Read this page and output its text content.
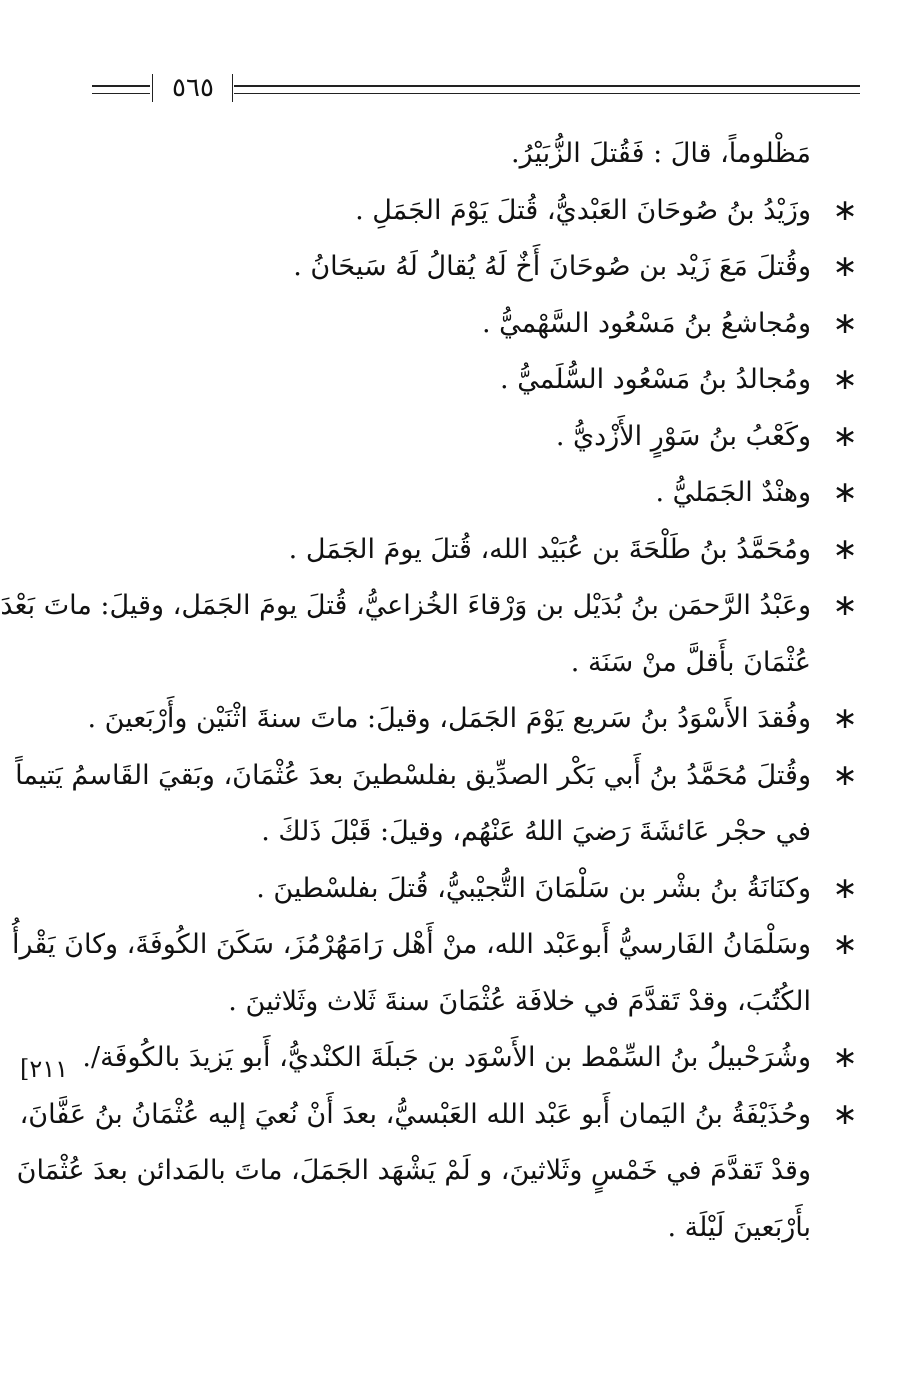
٥٦٥
مَظْلوماً، قالَ : فَقُتلَ الزُّبَيْرُ.
∗
وزَيْدُ بنُ صُوحَانَ العَبْديُّ، قُتلَ يَوْمَ الجَمَلِ .
∗
وقُتلَ مَعَ زَيْد بن صُوحَانَ أَخٌ لَهُ يُقالُ لَهُ سَيحَانُ .
∗
ومُجاشعُ بنُ مَسْعُود السَّهْميُّ .
∗
ومُجالدُ بنُ مَسْعُود السُّلَميُّ .
∗
وكَعْبُ بنُ سَوْرٍ الأَزْديُّ .
∗
وهنْدٌ الجَمَليُّ .
∗
ومُحَمَّدُ بنُ طَلْحَةَ بن عُبَيْد الله، قُتلَ يومَ الجَمَل .
∗
وعَبْدُ الرَّحمَن بنُ بُدَيْل بن وَرْقاءَ الخُزاعيُّ، قُتلَ يومَ الجَمَل، وقيلَ: ماتَ بَعْدَ
عُثْمَانَ بأَقلَّ منْ سَنَة .
∗
وفُقدَ الأَسْوَدُ بنُ سَريع يَوْمَ الجَمَل، وقيلَ: ماتَ سنةَ اثْنَيْن وأَرْبَعينَ .
∗
وقُتلَ مُحَمَّدُ بنُ أَبي بَكْر الصدِّيق بفلسْطينَ بعدَ عُثْمَانَ، وبَقيَ القَاسمُ يَتيماً
في حجْر عَائشَةَ رَضيَ اللهُ عَنْهُم، وقيلَ: قَبْلَ ذَلكَ .
∗
وكنَانَةُ بنُ بشْر بن سَلْمَانَ التُّجيْبيُّ، قُتلَ بفلسْطينَ .
∗
وسَلْمَانُ الفَارسيُّ أَبوعَبْد الله، منْ أَهْل رَامَهُرْمُزَ، سَكَنَ الكُوفَةَ، وكانَ يَقْرأُ
الكُتُبَ، وقدْ تَقدَّمَ في خلافَة عُثْمَانَ سنةَ ثَلاث وثَلاثينَ .
∗
وشُرَحْبيلُ بنُ السِّمْط بن الأَسْوَد بن جَبلَةَ الكنْديُّ، أَبو يَزيدَ بالكُوفَة/.
∗
وحُذَيْفَةُ بنُ اليَمان أَبو عَبْد الله العَبْسيُّ، بعدَ أَنْ نُعيَ إليه عُثْمَانُ بنُ عَفَّانَ،
وقدْ تَقدَّمَ في خَمْسٍ وثَلاثينَ، و لَمْ يَشْهَد الجَمَلَ، ماتَ بالمَدائن بعدَ عُثْمَانَ
بأَرْبَعينَ لَيْلَة .
[٢١١
